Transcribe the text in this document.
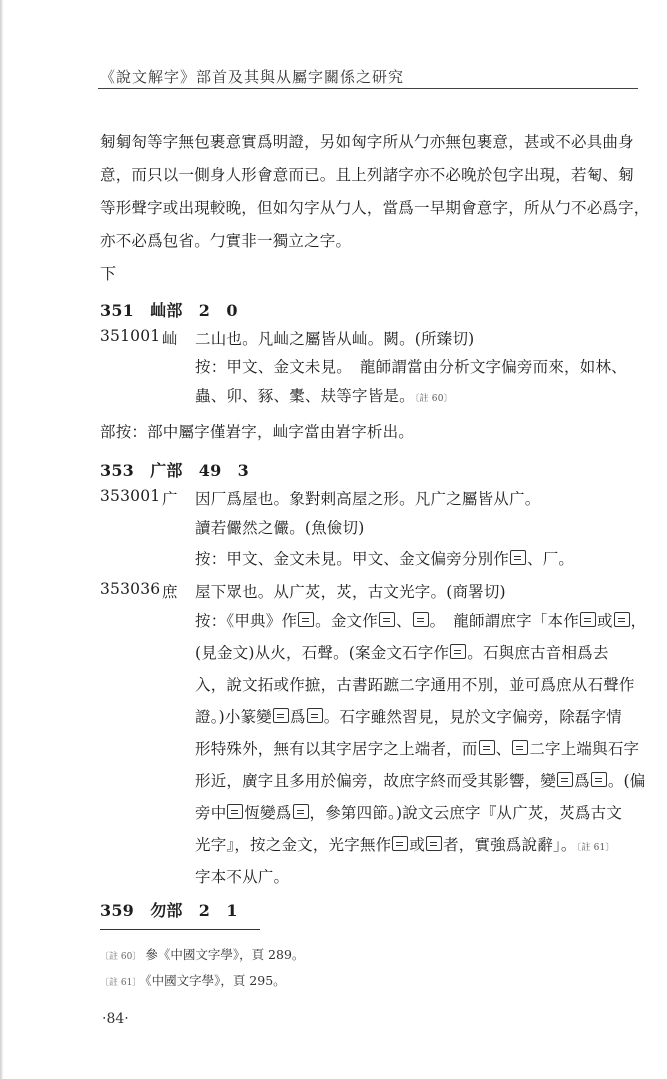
《說文解字》部首及其與从屬字關係之研究
匑匔匌等字無包裹意實爲明證，另如匈字所从勹亦無包裹意，甚或不必具曲身
意，而只以一側身人形會意而已。且上列諸字亦不必晚於包字出現，若匎、匑
等形聲字或出現較晚，但如勽字从勹人，當爲一早期會意字，所从勹不必爲字，
亦不必爲包省。勹實非一獨立之字。
下
351　屾部　2　0
351001 屾 二山也。凡屾之屬皆从屾。闕。(所臻切)
按：甲文、金文未見。　龍師謂當由分析文字偏旁而來，如林、
蟲、卯、豩、㯻、㚘等字皆是。〔註 60〕
部按：部中屬字僅㟒字，屾字當由㟒字析出。
353　广部　49　3
353001 广 因厂爲屋也。象對剌高屋之形。凡广之屬皆从广。
讀若儼然之儼。(魚儉切)
按：甲文、金文未見。甲文、金文偏旁分別作 、厂。
353036 庶 屋下眾也。从广炗，炗，古文光字。(商署切)
按：《甲典》作 。金文作 、 。　龍師謂庶字「本作 或 ，
(見金文)从火，石聲。(案金文石字作 。石與庶古音相爲去
入，說文拓或作摭，古書跖蹠二字通用不別，並可爲庶从石聲作
證。)小篆變 爲 。石字雖然習見，見於文字偏旁，除磊字情
形特殊外，無有以其字居字之上端者，而 、 二字上端與石字
形近，廣字且多用於偏旁，故庶字終而受其影響，變 爲 。(偏
旁中 恆變爲 ，參第四節。)說文云庶字『从广炗，炗爲古文
光字』，按之金文，光字無作 或 者，實強爲說辭」。〔註 61〕
字本不从广。
359　勿部　2　1
〔註 60〕 參《中國文字學》，頁 289。
〔註 61〕 《中國文字學》，頁 295。
‧84‧
